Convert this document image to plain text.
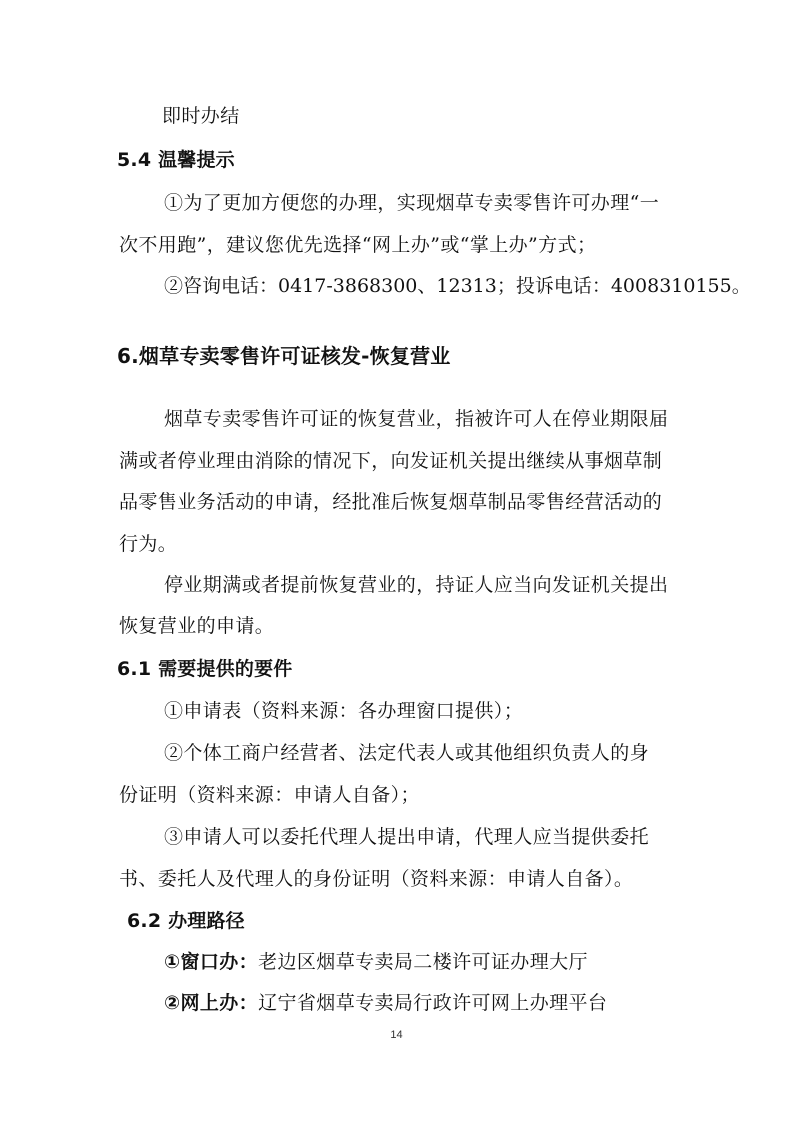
即时办结
5.4 温馨提示
①为了更加方便您的办理，实现烟草专卖零售许可办理“一
次不用跑”，建议您优先选择“网上办”或“掌上办”方式；
②咨询电话：0417-3868300、12313；投诉电话：4008310155。
6.烟草专卖零售许可证核发-恢复营业
烟草专卖零售许可证的恢复营业，指被许可人在停业期限届
满或者停业理由消除的情况下，向发证机关提出继续从事烟草制
品零售业务活动的申请，经批准后恢复烟草制品零售经营活动的
行为。
停业期满或者提前恢复营业的，持证人应当向发证机关提出
恢复营业的申请。
6.1 需要提供的要件
①申请表（资料来源：各办理窗口提供）；
②个体工商户经营者、法定代表人或其他组织负责人的身
份证明（资料来源：申请人自备）；
③申请人可以委托代理人提出申请，代理人应当提供委托
书、委托人及代理人的身份证明（资料来源：申请人自备）。
6.2 办理路径
①窗口办：老边区烟草专卖局二楼许可证办理大厅
②网上办：辽宁省烟草专卖局行政许可网上办理平台
14
